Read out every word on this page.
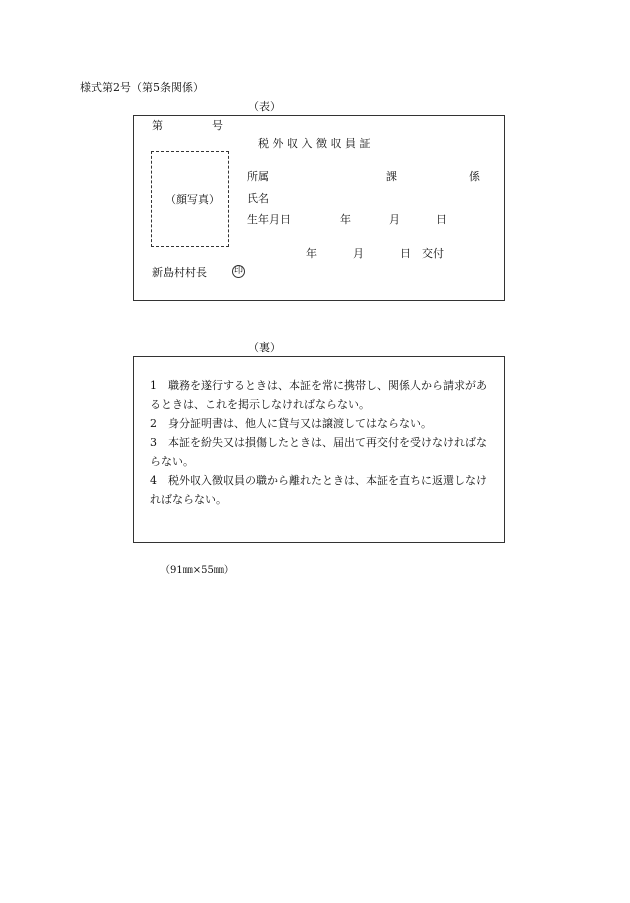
様式第2号（第5条関係）
（表）
第	号
税 外 収 入 徴 収 員 証
（顔写真）
所属	課	係
氏名
生年月日	年	月	日
年	月	日 交付
新島村村長	印
（裏）
1　職務を遂行するときは、本証を常に携帯し、関係人から請求があるときは、これを掲示しなければならない。
2　身分証明書は、他人に貸与又は譲渡してはならない。
3　本証を紛失又は損傷したときは、届出て再交付を受けなければならない。
4　税外収入徴収員の職から離れたときは、本証を直ちに返還しなければならない。
（91㎜×55㎜）
